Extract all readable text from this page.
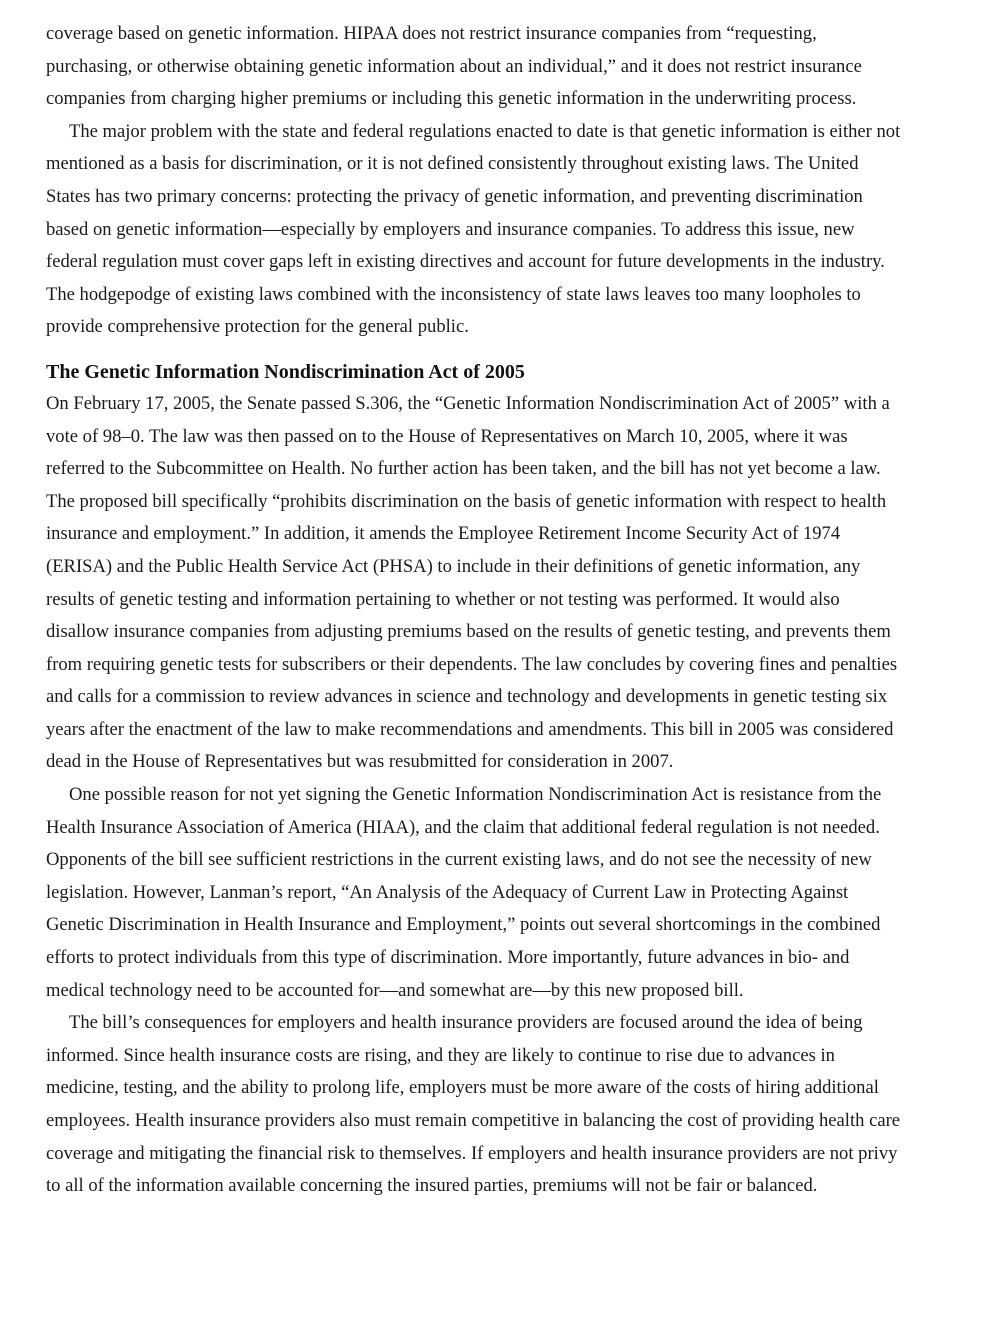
coverage based on genetic information. HIPAA does not restrict insurance companies from “requesting, purchasing, or otherwise obtaining genetic information about an individual,” and it does not restrict insurance companies from charging higher premiums or including this genetic information in the underwriting process.

The major problem with the state and federal regulations enacted to date is that genetic information is either not mentioned as a basis for discrimination, or it is not defined consistently throughout existing laws. The United States has two primary concerns: protecting the privacy of genetic information, and preventing discrimination based on genetic information—especially by employers and insurance companies. To address this issue, new federal regulation must cover gaps left in existing directives and account for future developments in the industry. The hodgepodge of existing laws combined with the inconsistency of state laws leaves too many loopholes to provide comprehensive protection for the general public.

The Genetic Information Nondiscrimination Act of 2005

On February 17, 2005, the Senate passed S.306, the “Genetic Information Nondiscrimination Act of 2005” with a vote of 98–0. The law was then passed on to the House of Representatives on March 10, 2005, where it was referred to the Subcommittee on Health. No further action has been taken, and the bill has not yet become a law. The proposed bill specifically “prohibits discrimination on the basis of genetic information with respect to health insurance and employment.” In addition, it amends the Employee Retirement Income Security Act of 1974 (ERISA) and the Public Health Service Act (PHSA) to include in their definitions of genetic information, any results of genetic testing and information pertaining to whether or not testing was performed. It would also disallow insurance companies from adjusting premiums based on the results of genetic testing, and prevents them from requiring genetic tests for subscribers or their dependents. The law concludes by covering fines and penalties and calls for a commission to review advances in science and technology and developments in genetic testing six years after the enactment of the law to make recommendations and amendments. This bill in 2005 was considered dead in the House of Representatives but was resubmitted for consideration in 2007.

One possible reason for not yet signing the Genetic Information Nondiscrimination Act is resistance from the Health Insurance Association of America (HIAA), and the claim that additional federal regulation is not needed. Opponents of the bill see sufficient restrictions in the current existing laws, and do not see the necessity of new legislation. However, Lanman’s report, “An Analysis of the Adequacy of Current Law in Protecting Against Genetic Discrimination in Health Insurance and Employment,” points out several shortcomings in the combined efforts to protect individuals from this type of discrimination. More importantly, future advances in bio- and medical technology need to be accounted for—and somewhat are—by this new proposed bill.

The bill’s consequences for employers and health insurance providers are focused around the idea of being informed. Since health insurance costs are rising, and they are likely to continue to rise due to advances in medicine, testing, and the ability to prolong life, employers must be more aware of the costs of hiring additional employees. Health insurance providers also must remain competitive in balancing the cost of providing health care coverage and mitigating the financial risk to themselves. If employers and health insurance providers are not privy to all of the information available concerning the insured parties, premiums will not be fair or balanced.
